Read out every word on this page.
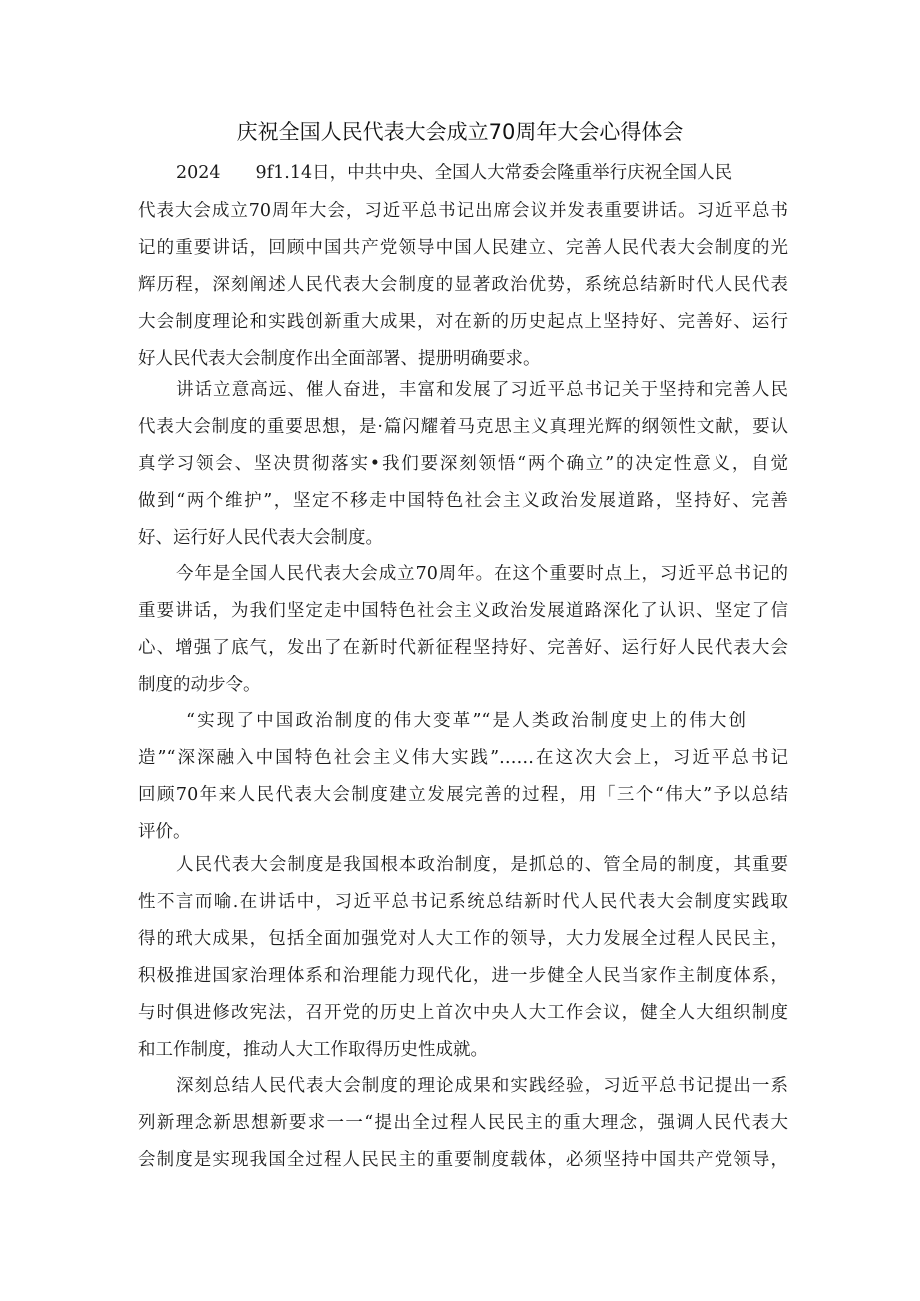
庆祝全国人民代表大会成立70周年大会心得体会
2024　　9f1.14日，中共中央、全国人大常委会隆重举行庆祝全国人民
代表大会成立70周年大会，习近平总书记出席会议并发表重要讲话。习近平总书
记的重要讲话，回顾中国共产党领导中国人民建立、完善人民代表大会制度的光
辉历程，深刻阐述人民代表大会制度的显著政治优势，系统总结新时代人民代表
大会制度理论和实践创新重大成果，对在新的历史起点上坚持好、完善好、运行
好人民代表大会制度作出全面部署、提册明确要求。
讲话立意高远、催人奋进，丰富和发展了习近平总书记关于坚持和完善人民
代表大会制度的重要思想，是·篇闪耀着马克思主义真理光辉的纲领性文献，要认
真学习领会、坚决贯彻落实•我们要深刻领悟“两个确立”的决定性意义，自觉
做到“两个维护”，坚定不移走中国特色社会主义政治发展道路，坚持好、完善
好、运行好人民代表大会制度。
今年是全国人民代表大会成立70周年。在这个重要时点上，习近平总书记的
重要讲话，为我们坚定走中国特色社会主义政治发展道路深化了认识、坚定了信
心、增强了底气，发出了在新时代新征程坚持好、完善好、运行好人民代表大会
制度的动步令。
“实现了中国政治制度的伟大变革”“是人类政治制度史上的伟大创
造”“深深融入中国特色社会主义伟大实践”……在这次大会上，习近平总书记
回顾70年来人民代表大会制度建立发展完善的过程，用「三个“伟大”予以总结
评价。
人民代表大会制度是我国根本政治制度，是抓总的、管全局的制度，其重要
性不言而喻.在讲话中，习近平总书记系统总结新时代人民代表大会制度实践取
得的玳大成果，包括全面加强党对人大工作的领导，大力发展全过程人民民主，
积极推进国家治理体系和治理能力现代化，进一步健全人民当家作主制度体系，
与时俱进修改宪法，召开党的历史上首次中央人大工作会议，健全人大组织制度
和工作制度，推动人大工作取得历史性成就。
深刻总结人民代表大会制度的理论成果和实践经验，习近平总书记提出一系
列新理念新思想新要求一一“提出全过程人民民主的重大理念，强调人民代表大
会制度是实现我国全过程人民民主的重要制度载体，必须坚持中国共产党领导，
